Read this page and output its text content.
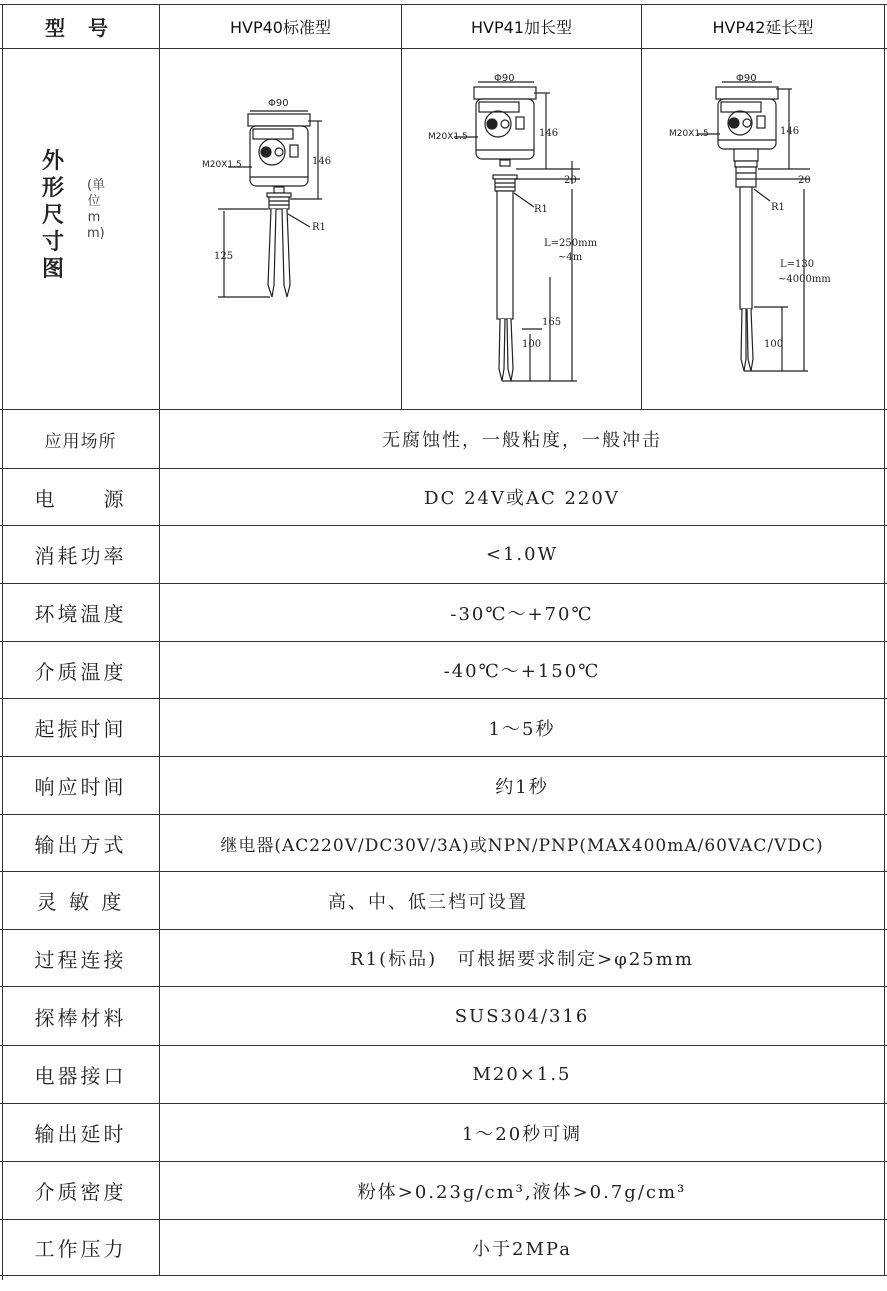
型 号	HVP40标准型	HVP41加长型	HVP42延长型
外形尺寸图
(单位mm)
Φ90
M20X1.5	146
R1
125
Φ90
M20X1.5	146
20
R1
L=250mm
~4m
165
100
Φ90
M20X1.5	146
20
R1
L=130
~4000mm
100
应用场所	无腐蚀性，一般粘度，一般冲击
电　　源	DC 24V或AC 220V
消耗功率	<1.0W
环境温度	-30℃～+70℃
介质温度	-40℃～+150℃
起振时间	1～5秒
响应时间	约1秒
输出方式	继电器(AC220V/DC30V/3A)或NPN/PNP(MAX400mA/60VAC/VDC)
灵 敏 度	高、中、低三档可设置
过程连接	R1(标品)　可根据要求制定>φ25mm
探棒材料	SUS304/316
电器接口	M20×1.5
输出延时	1～20秒可调
介质密度	粉体>0.23g/cm³,液体>0.7g/cm³
工作压力	小于2MPa
